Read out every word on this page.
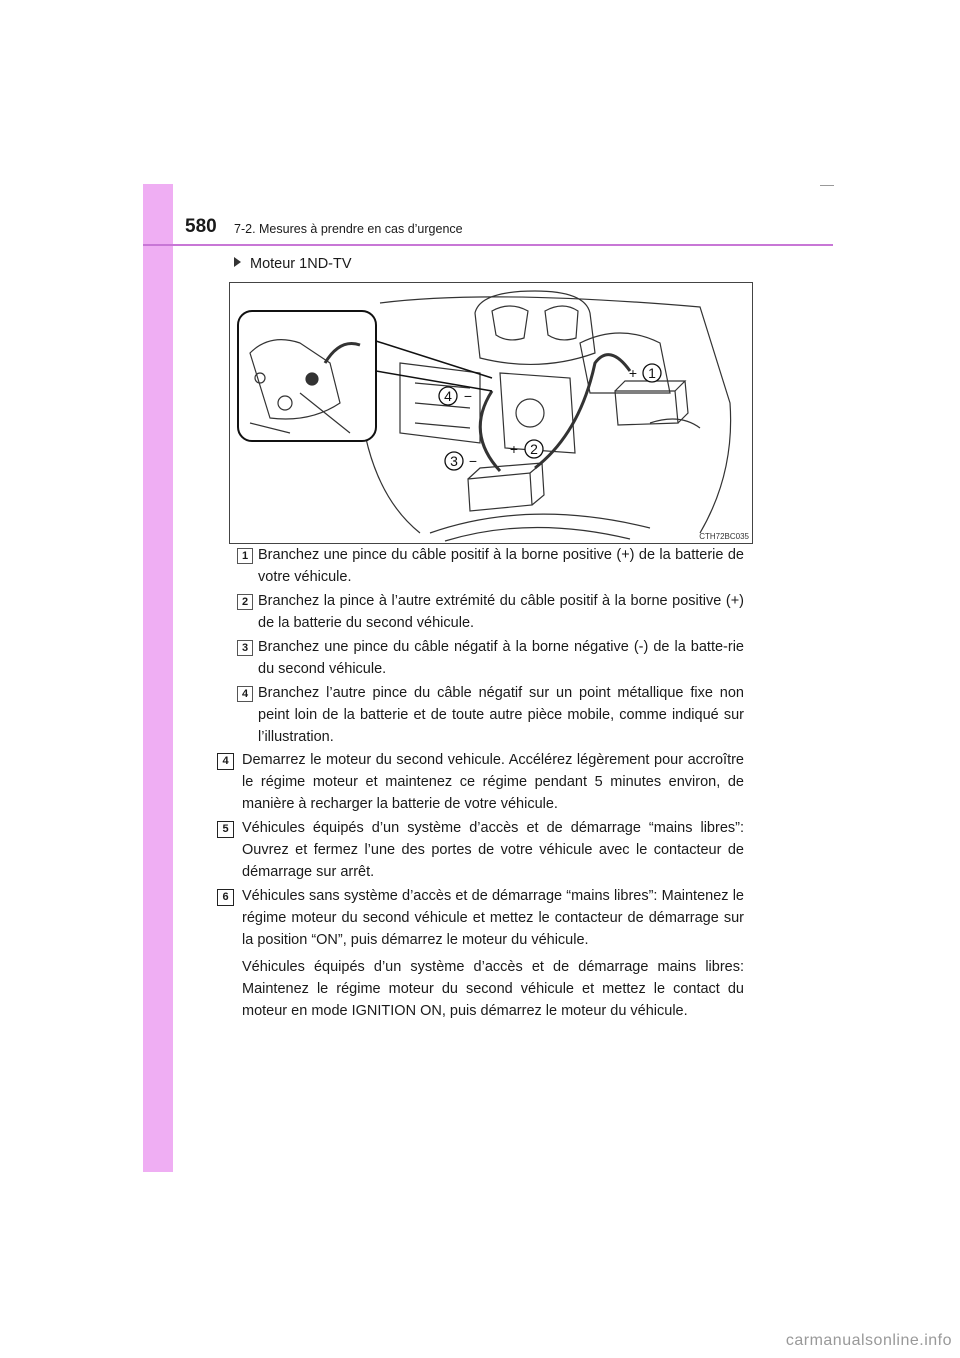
580 7-2. Mesures à prendre en cas d’urgence
Moteur 1ND-TV
1
+
2
+
3 −
4 −
CTH72BC035
1 Branchez une pince du câble positif à la borne positive (+) de la batterie de votre véhicule.
2 Branchez la pince à l’autre extrémité du câble positif à la borne positive (+) de la batterie du second véhicule.
3 Branchez une pince du câble négatif à la borne négative (-) de la batte-rie du second véhicule.
4 Branchez l’autre pince du câble négatif sur un point métallique fixe non peint loin de la batterie et de toute autre pièce mobile, comme indiqué sur l’illustration.
4 Demarrez le moteur du second vehicule. Accélérez légèrement pour accroître le régime moteur et maintenez ce régime pendant 5 minutes environ, de manière à recharger la batterie de votre véhicule.
5 Véhicules équipés d’un système d’accès et de démarrage “mains libres”: Ouvrez et fermez l’une des portes de votre véhicule avec le contacteur de démarrage sur arrêt.
6 Véhicules sans système d’accès et de démarrage “mains libres”: Maintenez le régime moteur du second véhicule et mettez le contacteur de démarrage sur la position “ON”, puis démarrez le moteur du véhicule.
Véhicules équipés d’un système d’accès et de démarrage mains libres: Maintenez le régime moteur du second véhicule et mettez le contact du moteur en mode IGNITION ON, puis démarrez le moteur du véhicule.
carmanualsonline.info
